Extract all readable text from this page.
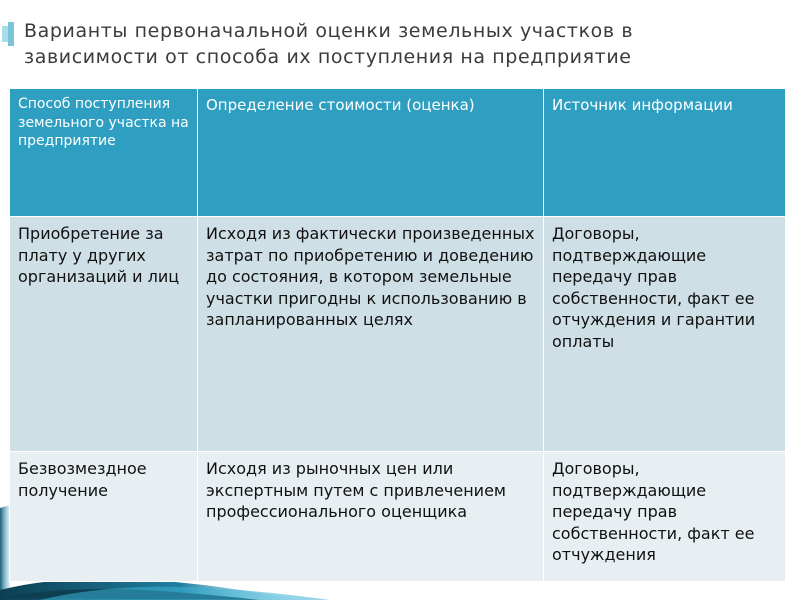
Варианты первоначальной оценки земельных участков в зависимости от способа их поступления на предприятие
Способ поступления земельного участка на предприятие	Определение стоимости (оценка)	Источник информации
Приобретение за плату у других организаций и лиц	Исходя из фактически произведенных затрат по приобретению и доведению до состояния, в котором земельные участки пригодны к использованию в запланированных целях	Договоры, подтверждающие передачу прав собственности, факт ее отчуждения и гарантии оплаты
Безвозмездное получение	Исходя из рыночных цен или экспертным путем с привлечением профессионального оценщика	Договоры, подтверждающие передачу прав собственности, факт ее отчуждения
